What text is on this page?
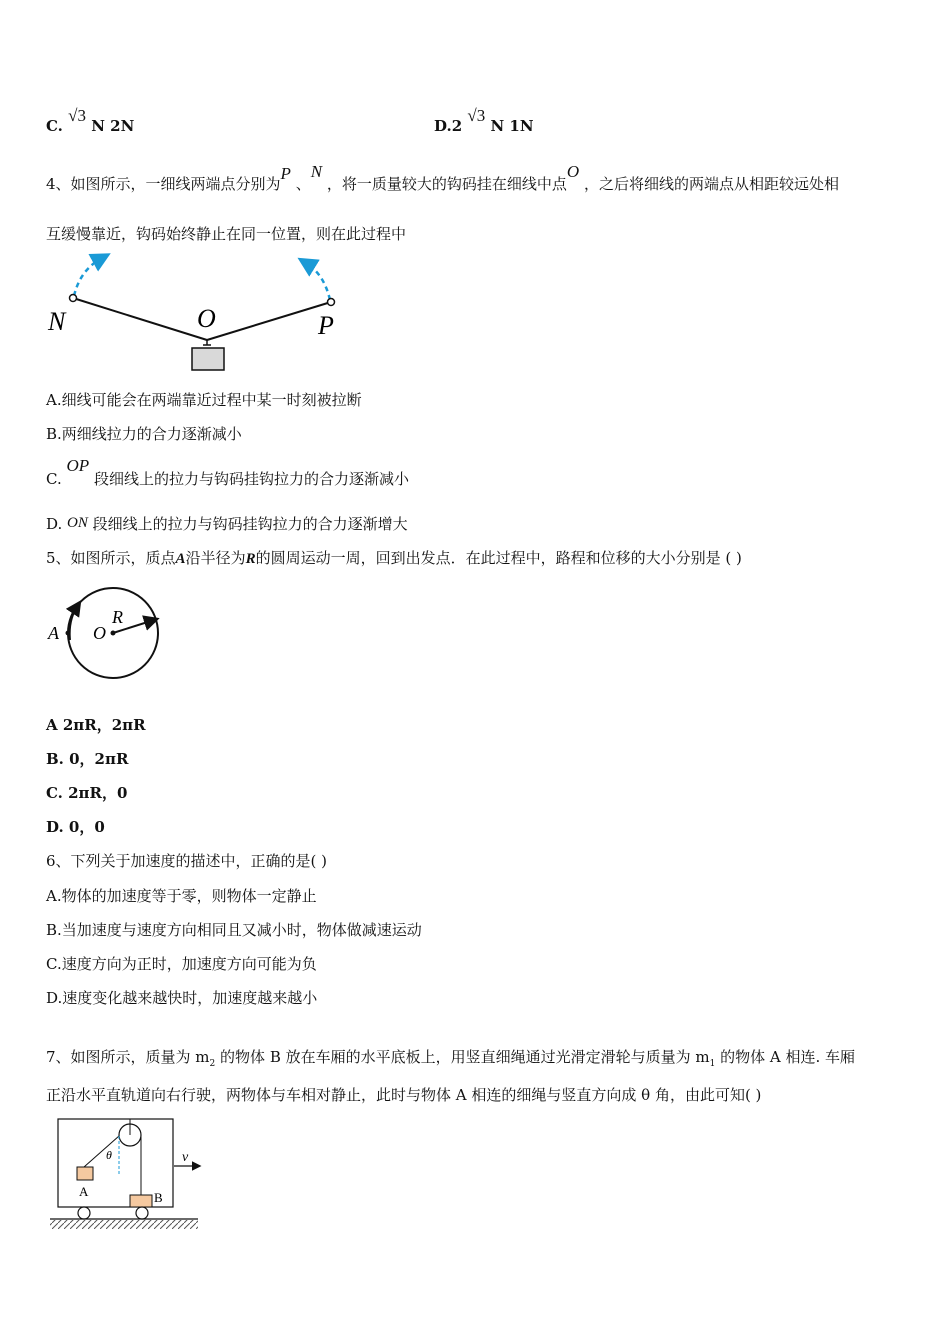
C. √3 N 2N	D.2 √3 N 1N
4、如图所示，一细线两端点分别为P 、N ，将一质量较大的钩码挂在细线中点O ，之后将细线的两端点从相距较远处相
互缓慢靠近，钩码始终静止在同一位置，则在此过程中
N	O	P
A.细线可能会在两端靠近过程中某一时刻被拉断
B.两细线拉力的合力逐渐减小
C. OP 段细线上的拉力与钩码挂钩拉力的合力逐渐减小
D. ON 段细线上的拉力与钩码挂钩拉力的合力逐渐增大
5、如图所示，质点A沿半径为R的圆周运动一周，回到出发点．在此过程中，路程和位移的大小分别是 ( )
A O
R
A 2πR，2πR
B. 0，2πR
C. 2πR，0
D. 0，0
6、下列关于加速度的描述中，正确的是( )
A.物体的加速度等于零，则物体一定静止
B.当加速度与速度方向相同且又减小时，物体做减速运动
C.速度方向为正时，加速度方向可能为负
D.速度变化越来越快时，加速度越来越小
7、如图所示，质量为 $m_2$ 的物体 B 放在车厢的水平底板上，用竖直细绳通过光滑定滑轮与质量为 $m_1$ 的物体 A 相连. 车厢
正沿水平直轨道向右行驶，两物体与车相对静止，此时与物体 A 相连的细绳与竖直方向成 θ 角，由此可知( )
θ	v
A	B
